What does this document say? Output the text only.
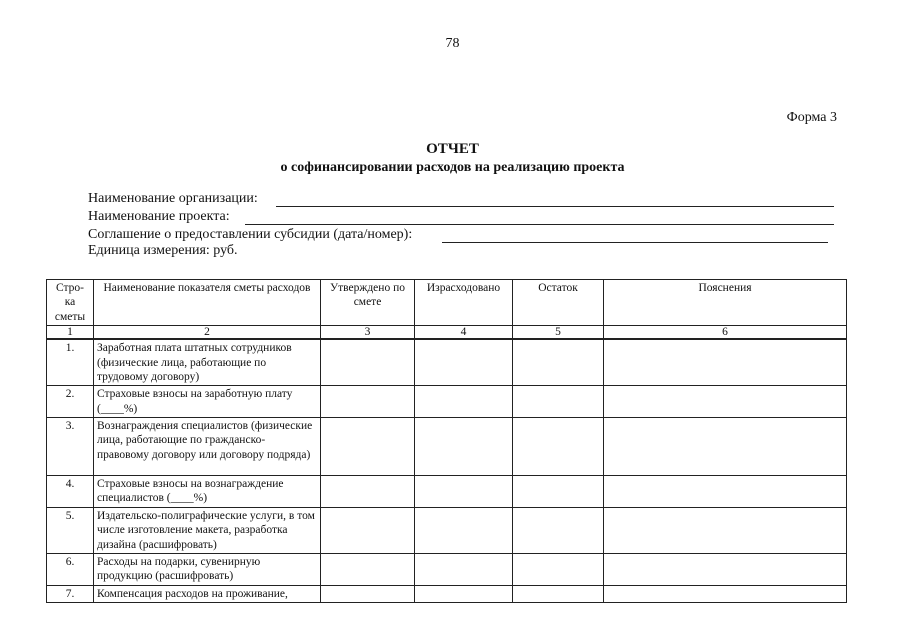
78
Форма 3
ОТЧЕТ
о софинансировании расходов на реализацию проекта
Наименование организации:
Наименование проекта:
Соглашение о предоставлении субсидии (дата/номер):
Единица измерения: руб.
Стро-
ка
сметы	Наименование показателя сметы расходов	Утверждено по смете	Израсходовано	Остаток	Пояснения
1	2	3	4	5	6
1.	Заработная плата штатных сотрудников (физические лица, работающие по трудовому договору)				
2.	Страховые взносы на заработную плату (____%)				
3.	Вознаграждения специалистов (физические лица, работающие по гражданско-правовому договору или договору подряда)				
4.	Страховые взносы на вознаграждение специалистов (____%)				
5.	Издательско-полиграфические услуги, в том числе изготовление макета, разработка дизайна (расшифровать)				
6.	Расходы на подарки, сувенирную продукцию (расшифровать)				
7.	Компенсация расходов на проживание,				
